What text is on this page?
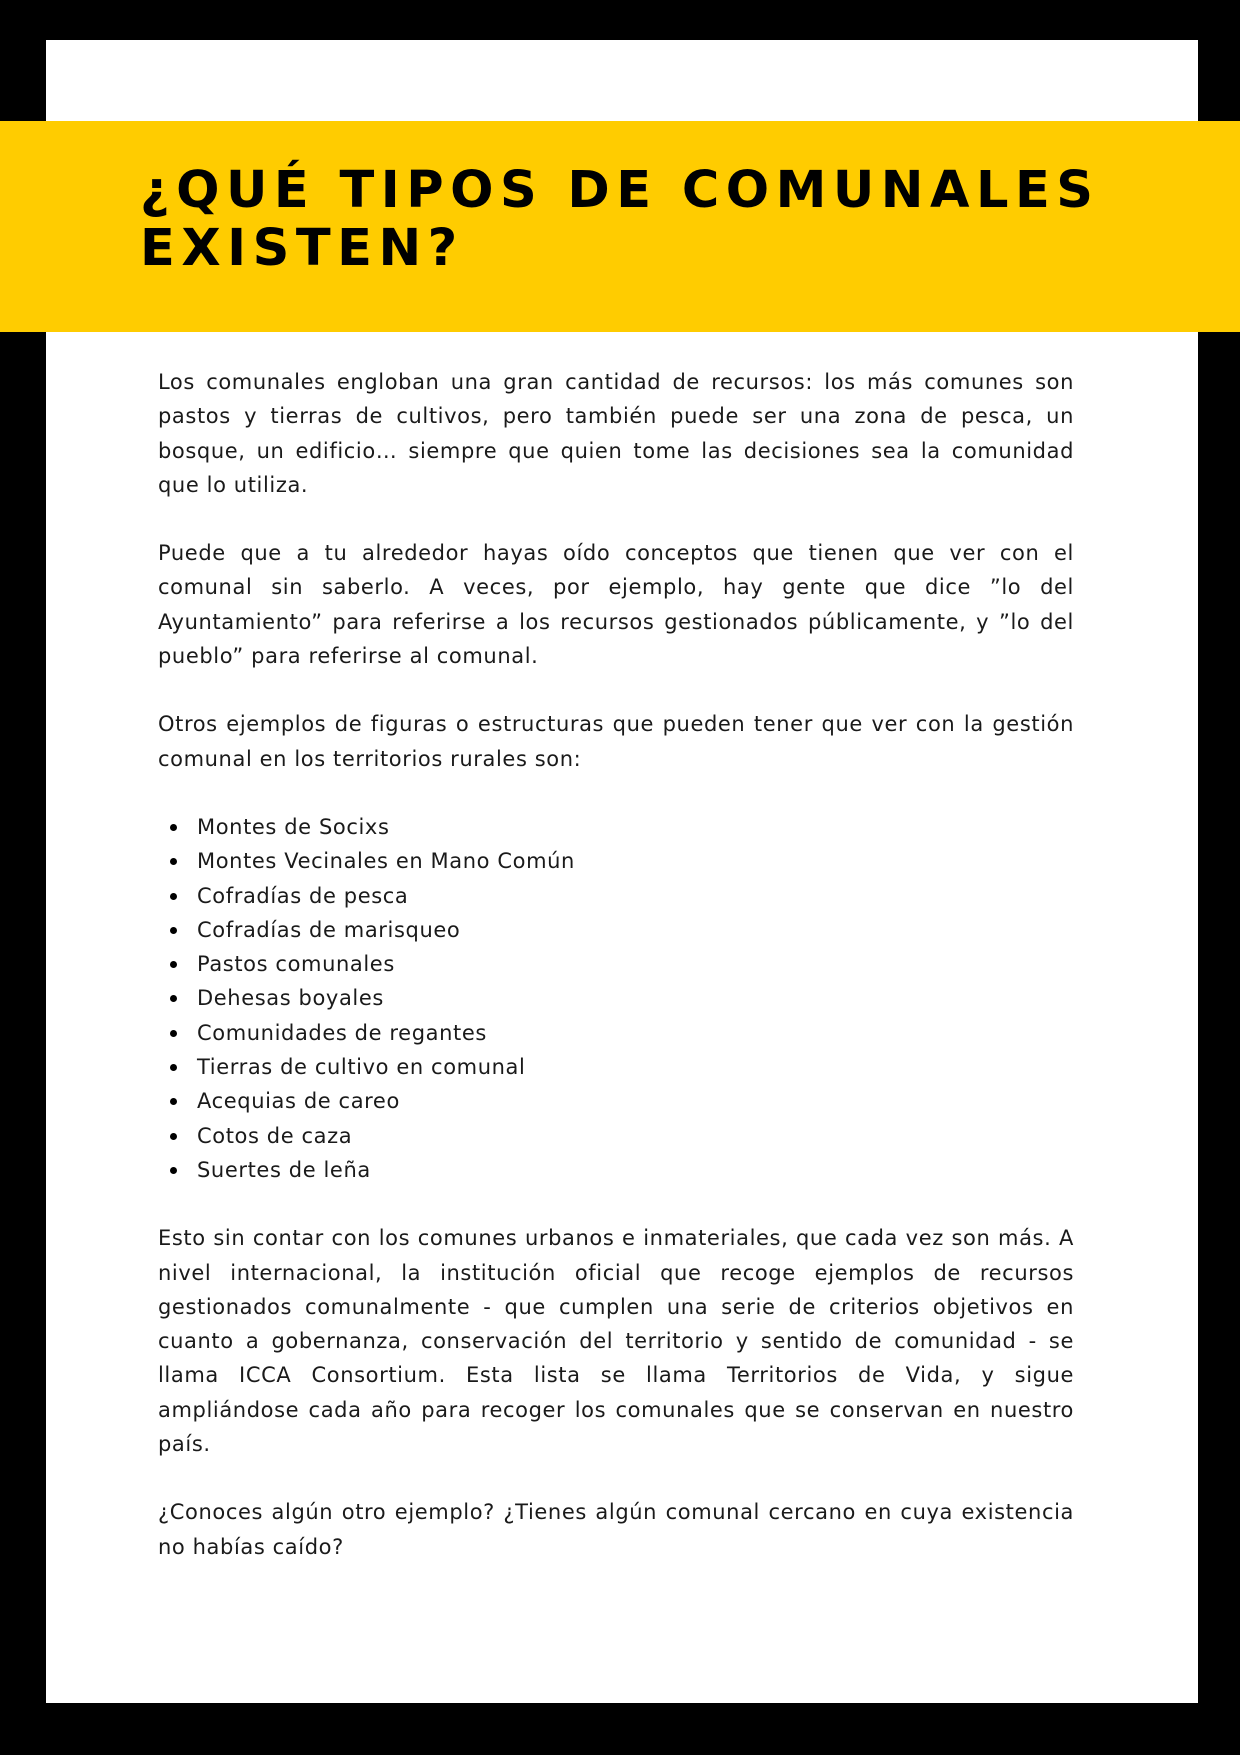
¿QUÉ TIPOS DE COMUNALES
EXISTEN?

Los comunales engloban una gran cantidad de recursos: los más comunes son pastos y tierras de cultivos, pero también puede ser una zona de pesca, un bosque, un edificio… siempre que quien tome las decisiones sea la comunidad que lo utiliza.

Puede que a tu alrededor hayas oído conceptos que tienen que ver con el comunal sin saberlo. A veces, por ejemplo, hay gente que dice ”lo del Ayuntamiento” para referirse a los recursos gestionados públicamente, y ”lo del pueblo” para referirse al comunal.

Otros ejemplos de figuras o estructuras que pueden tener que ver con la gestión comunal en los territorios rurales son:

Montes de Socixs
Montes Vecinales en Mano Común
Cofradías de pesca
Cofradías de marisqueo
Pastos comunales
Dehesas boyales
Comunidades de regantes
Tierras de cultivo en comunal
Acequias de careo
Cotos de caza
Suertes de leña

Esto sin contar con los comunes urbanos e inmateriales, que cada vez son más. A nivel internacional, la institución oficial que recoge ejemplos de recursos gestionados comunalmente - que cumplen una serie de criterios objetivos en cuanto a gobernanza, conservación del territorio y sentido de comunidad - se llama ICCA Consortium. Esta lista se llama Territorios de Vida, y sigue ampliándose cada año para recoger los comunales que se conservan en nuestro país.

¿Conoces algún otro ejemplo? ¿Tienes algún comunal cercano en cuya existencia no habías caído?
